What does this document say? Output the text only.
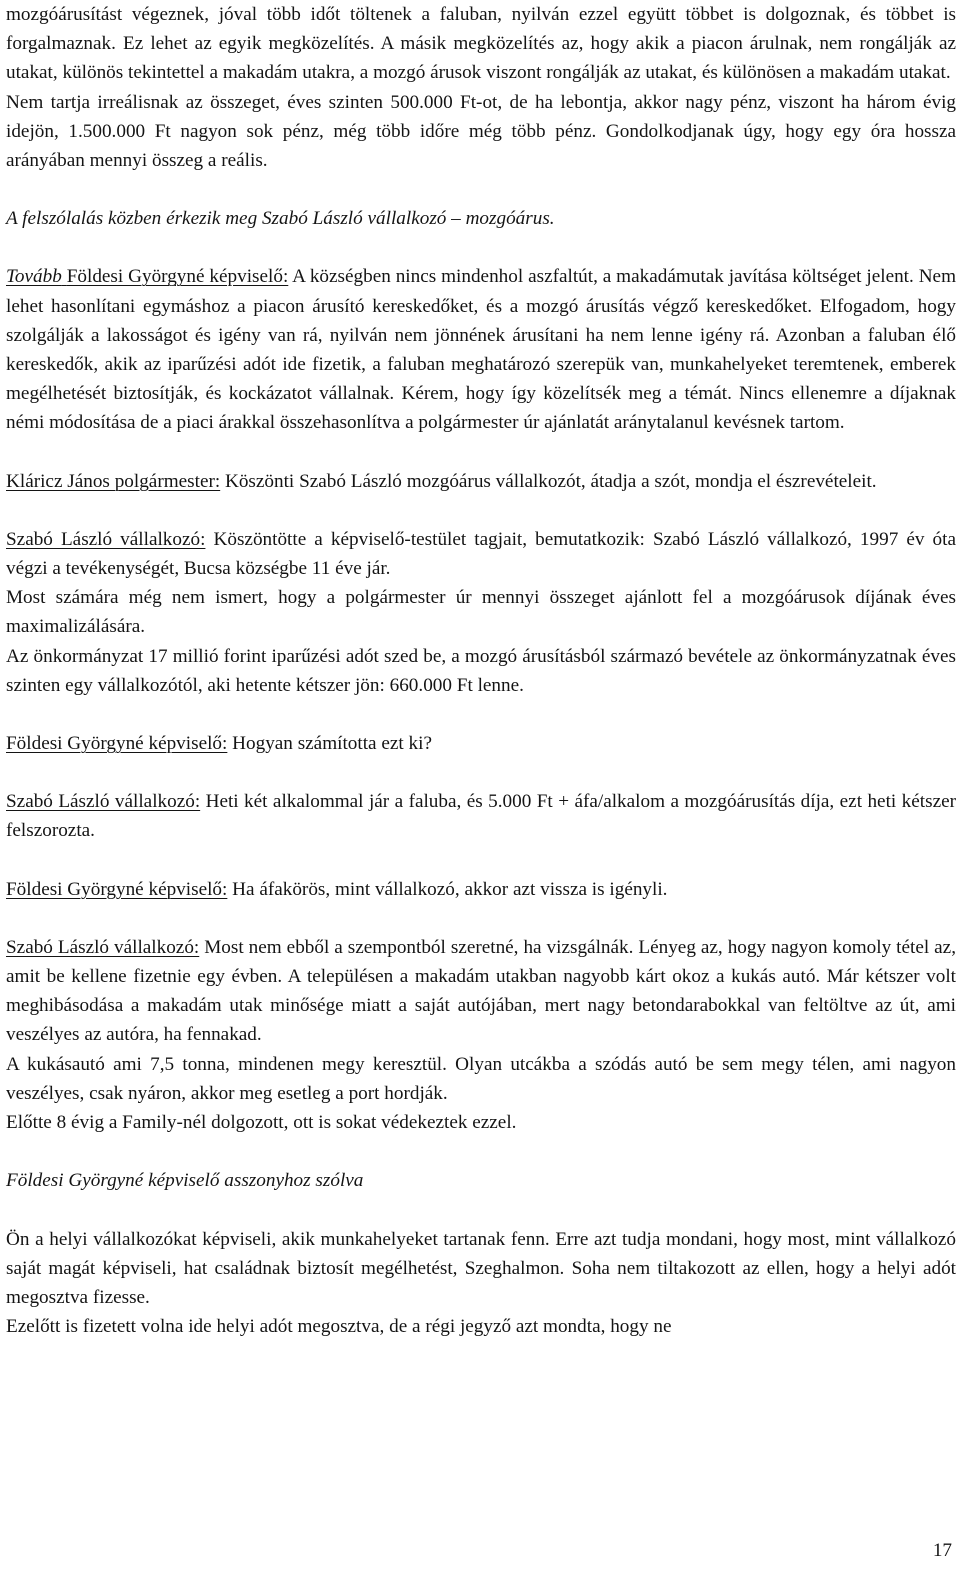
mozgóárusítást végeznek, jóval több időt töltenek a faluban, nyilván ezzel együtt többet is dolgoznak, és többet is forgalmaznak. Ez lehet az egyik megközelítés. A másik megközelítés az, hogy akik a piacon árulnak, nem rongálják az utakat, különös tekintettel a makadám utakra, a mozgó árusok viszont rongálják az utakat, és különösen a makadám utakat.

Nem tartja irreálisnak az összeget, éves szinten 500.000 Ft-ot, de ha lebontja, akkor nagy pénz, viszont ha három évig idejön, 1.500.000 Ft nagyon sok pénz, még több időre még több pénz. Gondolkodjanak úgy, hogy egy óra hossza arányában mennyi összeg a reális.

A felszólalás közben érkezik meg Szabó László vállalkozó – mozgóárus.

Tovább Földesi Györgyné képviselő: A községben nincs mindenhol aszfaltút, a makadámutak javítása költséget jelent. Nem lehet hasonlítani egymáshoz a piacon árusító kereskedőket, és a mozgó árusítás végző kereskedőket. Elfogadom, hogy szolgálják a lakosságot és igény van rá, nyilván nem jönnének árusítani ha nem lenne igény rá. Azonban a faluban élő kereskedők, akik az iparűzési adót ide fizetik, a faluban meghatározó szerepük van, munkahelyeket teremtenek, emberek megélhetését biztosítják, és kockázatot vállalnak. Kérem, hogy így közelítsék meg a témát. Nincs ellenemre a díjaknak némi módosítása de a piaci árakkal összehasonlítva a polgármester úr ajánlatát aránytalanul kevésnek tartom.

Kláricz János polgármester: Köszönti Szabó László mozgóárus vállalkozót, átadja a szót, mondja el észrevételeit.

Szabó László vállalkozó: Köszöntötte a képviselő-testület tagjait, bemutatkozik: Szabó László vállalkozó, 1997 év óta végzi a tevékenységét, Bucsa községbe 11 éve jár.

Most számára még nem ismert, hogy a polgármester úr mennyi összeget ajánlott fel a mozgóárusok díjának éves maximalizálására.

Az önkormányzat 17 millió forint iparűzési adót szed be, a mozgó árusításból származó bevétele az önkormányzatnak éves szinten egy vállalkozótól, aki hetente kétszer jön: 660.000 Ft lenne.

Földesi Györgyné képviselő: Hogyan számította ezt ki?

Szabó László vállalkozó: Heti két alkalommal jár a faluba, és 5.000 Ft + áfa/alkalom a mozgóárusítás díja, ezt heti kétszer felszorozta.

Földesi Györgyné képviselő: Ha áfakörös, mint vállalkozó, akkor azt vissza is igényli.

Szabó László vállalkozó: Most nem ebből a szempontból szeretné, ha vizsgálnák. Lényeg az, hogy nagyon komoly tétel az, amit be kellene fizetnie egy évben. A településen a makadám utakban nagyobb kárt okoz a kukás autó. Már kétszer volt meghibásodása a makadám utak minősége miatt a saját autójában, mert nagy betondarabokkal van feltöltve az út, ami veszélyes az autóra, ha fennakad.

A kukásautó ami 7,5 tonna, mindenen megy keresztül. Olyan utcákba a szódás autó be sem megy télen, ami nagyon veszélyes, csak nyáron, akkor meg esetleg a port hordják.

Előtte 8 évig a Family-nél dolgozott, ott is sokat védekeztek ezzel.

Földesi Györgyné képviselő asszonyhoz szólva

Ön a helyi vállalkozókat képviseli, akik munkahelyeket tartanak fenn. Erre azt tudja mondani, hogy most, mint vállalkozó saját magát képviseli, hat családnak biztosít megélhetést, Szeghalmon. Soha nem tiltakozott az ellen, hogy a helyi adót megosztva fizesse.

Ezelőtt is fizetett volna ide helyi adót megosztva, de a régi jegyző azt mondta, hogy ne

17
